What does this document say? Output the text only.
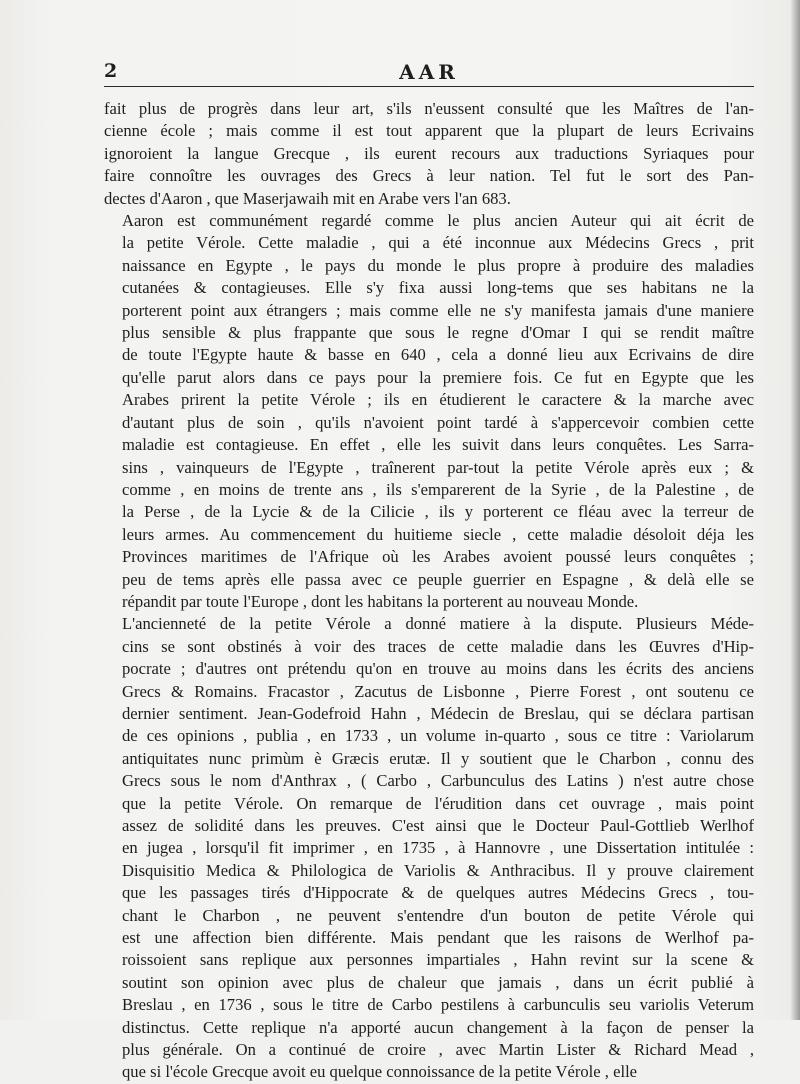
2	AAR

fait plus de progrès dans leur art, s'ils n'eussent consulté que les Maîtres de l'an-
cienne école ; mais comme il est tout apparent que la plupart de leurs Ecrivains
ignoroient la langue Grecque , ils eurent recours aux traductions Syriaques pour
faire connoître les ouvrages des Grecs à leur nation. Tel fut le sort des Pan-
dectes d'Aaron , que Maserjawaih mit en Arabe vers l'an 683.

Aaron est communément regardé comme le plus ancien Auteur qui ait écrit de
la petite Vérole. Cette maladie , qui a été inconnue aux Médecins Grecs , prit
naissance en Egypte , le pays du monde le plus propre à produire des maladies
cutanées & contagieuses. Elle s'y fixa aussi long-tems que ses habitans ne la
porterent point aux étrangers ; mais comme elle ne s'y manifesta jamais d'une maniere
plus sensible & plus frappante que sous le regne d'Omar I qui se rendit maître
de toute l'Egypte haute & basse en 640 , cela a donné lieu aux Ecrivains de dire
qu'elle parut alors dans ce pays pour la premiere fois. Ce fut en Egypte que les
Arabes prirent la petite Vérole ; ils en étudierent le caractere & la marche avec
d'autant plus de soin , qu'ils n'avoient point tardé à s'appercevoir combien cette
maladie est contagieuse. En effet , elle les suivit dans leurs conquêtes. Les Sarra-
sins , vainqueurs de l'Egypte , traînerent par-tout la petite Vérole après eux ; &
comme , en moins de trente ans , ils s'emparerent de la Syrie , de la Palestine , de
la Perse , de la Lycie & de la Cilicie , ils y porterent ce fléau avec la terreur de
leurs armes. Au commencement du huitieme siecle , cette maladie désoloit déja les
Provinces maritimes de l'Afrique où les Arabes avoient poussé leurs conquêtes ;
peu de tems après elle passa avec ce peuple guerrier en Espagne , & delà elle se
répandit par toute l'Europe , dont les habitans la porterent au nouveau Monde.

L'ancienneté de la petite Vérole a donné matiere à la dispute. Plusieurs Méde-
cins se sont obstinés à voir des traces de cette maladie dans les Œuvres d'Hip-
pocrate ; d'autres ont prétendu qu'on en trouve au moins dans les écrits des anciens
Grecs & Romains. Fracastor , Zacutus de Lisbonne , Pierre Forest , ont soutenu ce
dernier sentiment. Jean-Godefroid Hahn , Médecin de Breslau, qui se déclara partisan
de ces opinions , publia , en 1733 , un volume in-quarto , sous ce titre : Variolarum
antiquitates nunc primùm è Græcis erutæ. Il y soutient que le Charbon , connu des
Grecs sous le nom d'Anthrax , ( Carbo , Carbunculus des Latins ) n'est autre chose
que la petite Vérole. On remarque de l'érudition dans cet ouvrage , mais point
assez de solidité dans les preuves. C'est ainsi que le Docteur Paul-Gottlieb Werlhof
en jugea , lorsqu'il fit imprimer , en 1735 , à Hannovre , une Dissertation intitulée :
Disquisitio Medica & Philologica de Variolis & Anthracibus. Il y prouve clairement
que les passages tirés d'Hippocrate & de quelques autres Médecins Grecs , tou-
chant le Charbon , ne peuvent s'entendre d'un bouton de petite Vérole qui
est une affection bien différente. Mais pendant que les raisons de Werlhof pa-
roissoient sans replique aux personnes impartiales , Hahn revint sur la scene &
soutint son opinion avec plus de chaleur que jamais , dans un écrit publié à
Breslau , en 1736 , sous le titre de Carbo pestilens à carbunculis seu variolis Veterum
distinctus. Cette replique n'a apporté aucun changement à la façon de penser la
plus générale. On a continué de croire , avec Martin Lister & Richard Mead ,
que si l'école Grecque avoit eu quelque connoissance de la petite Vérole , elle
